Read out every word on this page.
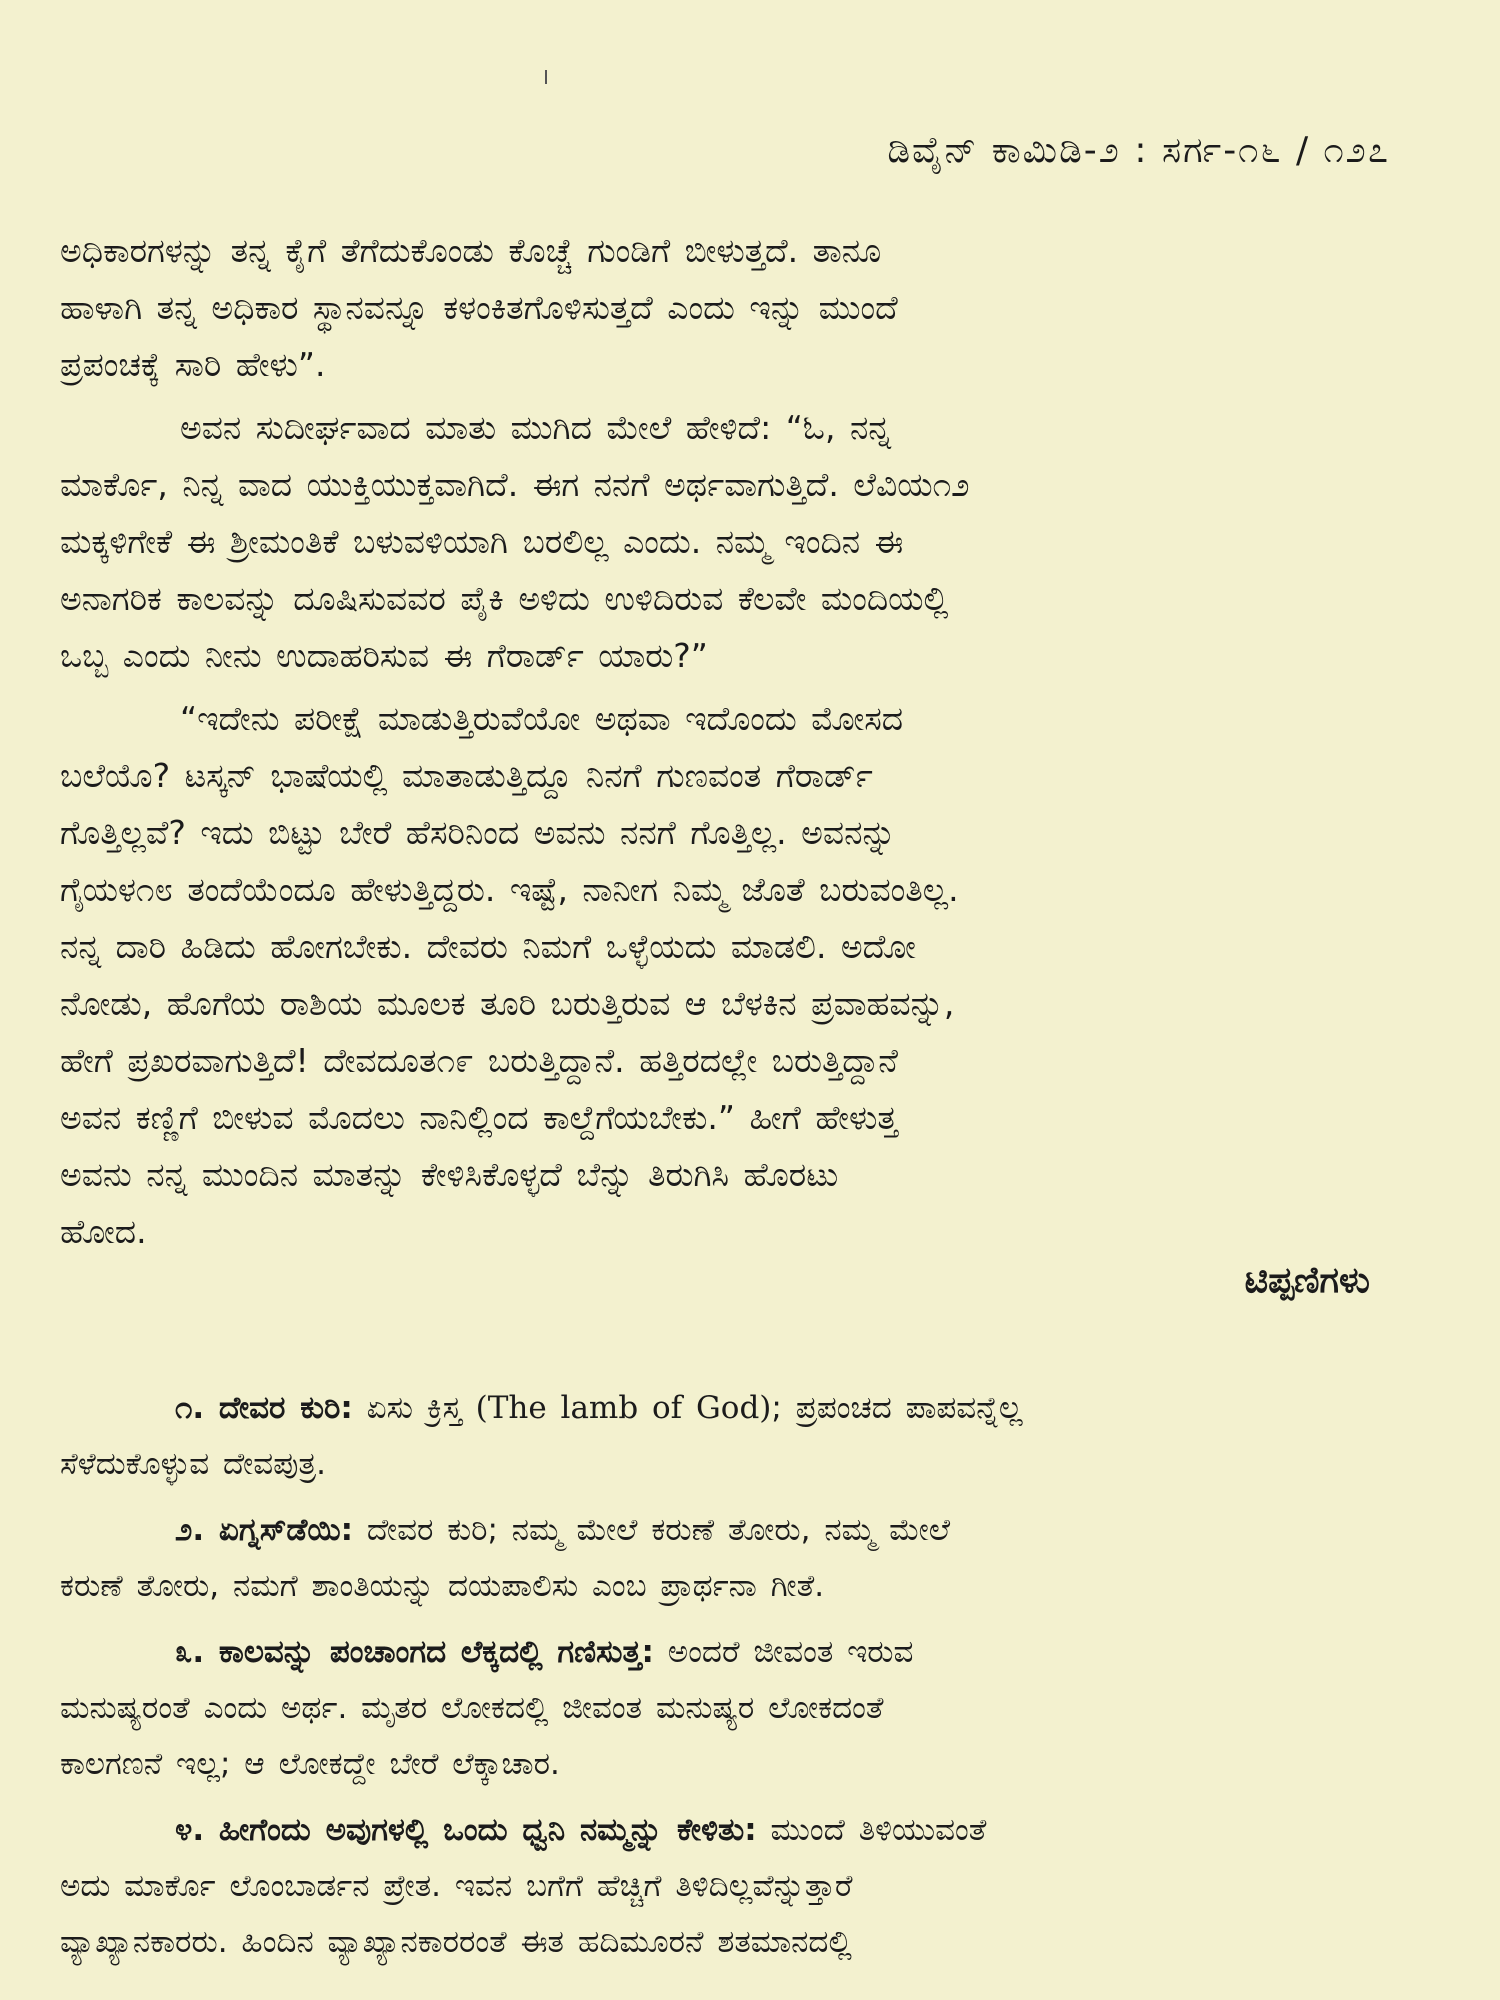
ಡಿವೈನ್ ಕಾಮಿಡಿ-೨ : ಸರ್ಗ-೧೬ / ೧೨೭

ಅಧಿಕಾರಗಳನ್ನು ತನ್ನ ಕೈಗೆ ತೆಗೆದುಕೊಂಡು ಕೊಚ್ಚೆ ಗುಂಡಿಗೆ ಬೀಳುತ್ತದೆ. ತಾನೂ
ಹಾಳಾಗಿ ತನ್ನ ಅಧಿಕಾರ ಸ್ಥಾನವನ್ನೂ ಕಳಂಕಿತಗೊಳಿಸುತ್ತದೆ ಎಂದು ಇನ್ನು ಮುಂದೆ
ಪ್ರಪಂಚಕ್ಕೆ ಸಾರಿ ಹೇಳು”.

ಅವನ ಸುದೀರ್ಘವಾದ ಮಾತು ಮುಗಿದ ಮೇಲೆ ಹೇಳಿದೆ: “ಓ, ನನ್ನ
ಮಾರ್ಕೊ, ನಿನ್ನ ವಾದ ಯುಕ್ತಿಯುಕ್ತವಾಗಿದೆ. ಈಗ ನನಗೆ ಅರ್ಥವಾಗುತ್ತಿದೆ. ಲೆವಿಯ೧೨
ಮಕ್ಕಳಿಗೇಕೆ ಈ ಶ್ರೀಮಂತಿಕೆ ಬಳುವಳಿಯಾಗಿ ಬರಲಿಲ್ಲ ಎಂದು. ನಮ್ಮ ಇಂದಿನ ಈ
ಅನಾಗರಿಕ ಕಾಲವನ್ನು ದೂಷಿಸುವವರ ಪೈಕಿ ಅಳಿದು ಉಳಿದಿರುವ ಕೆಲವೇ ಮಂದಿಯಲ್ಲಿ
ಒಬ್ಬ ಎಂದು ನೀನು ಉದಾಹರಿಸುವ ಈ ಗೆರಾರ್ಡ್ ಯಾರು?”

“ಇದೇನು ಪರೀಕ್ಷೆ ಮಾಡುತ್ತಿರುವೆಯೋ ಅಥವಾ ಇದೊಂದು ಮೋಸದ
ಬಲೆಯೊ? ಟಸ್ಕನ್ ಭಾಷೆಯಲ್ಲಿ ಮಾತಾಡುತ್ತಿದ್ದೂ ನಿನಗೆ ಗುಣವಂತ ಗೆರಾರ್ಡ್
ಗೊತ್ತಿಲ್ಲವೆ? ಇದು ಬಿಟ್ಟು ಬೇರೆ ಹೆಸರಿನಿಂದ ಅವನು ನನಗೆ ಗೊತ್ತಿಲ್ಲ. ಅವನನ್ನು
ಗೈಯಳ೧೮ ತಂದೆಯೆಂದೂ ಹೇಳುತ್ತಿದ್ದರು. ಇಷ್ಟೆ, ನಾನೀಗ ನಿಮ್ಮ ಜೊತೆ ಬರುವಂತಿಲ್ಲ.
ನನ್ನ ದಾರಿ ಹಿಡಿದು ಹೋಗಬೇಕು. ದೇವರು ನಿಮಗೆ ಒಳ್ಳೆಯದು ಮಾಡಲಿ. ಅದೋ
ನೋಡು, ಹೊಗೆಯ ರಾಶಿಯ ಮೂಲಕ ತೂರಿ ಬರುತ್ತಿರುವ ಆ ಬೆಳಕಿನ ಪ್ರವಾಹವನ್ನು,
ಹೇಗೆ ಪ್ರಖರವಾಗುತ್ತಿದೆ! ದೇವದೂತ೧೯ ಬರುತ್ತಿದ್ದಾನೆ. ಹತ್ತಿರದಲ್ಲೇ ಬರುತ್ತಿದ್ದಾನೆ
ಅವನ ಕಣ್ಣಿಗೆ ಬೀಳುವ ಮೊದಲು ನಾನಿಲ್ಲಿಂದ ಕಾಲ್ದೆಗೆಯಬೇಕು.” ಹೀಗೆ ಹೇಳುತ್ತ
ಅವನು ನನ್ನ ಮುಂದಿನ ಮಾತನ್ನು ಕೇಳಿಸಿಕೊಳ್ಳದೆ ಬೆನ್ನು ತಿರುಗಿಸಿ ಹೊರಟು
ಹೋದ.

ಟಿಪ್ಪಣಿಗಳು

೧. ದೇವರ ಕುರಿ: ಏಸು ಕ್ರಿಸ್ತ (The lamb of God); ಪ್ರಪಂಚದ ಪಾಪವನ್ನೆಲ್ಲ
ಸೆಳೆದುಕೊಳ್ಳುವ ದೇವಪುತ್ರ.

೨. ಏಗ್ನಸ್‌ಡೆಯಿ: ದೇವರ ಕುರಿ; ನಮ್ಮ ಮೇಲೆ ಕರುಣೆ ತೋರು, ನಮ್ಮ ಮೇಲೆ
ಕರುಣೆ ತೋರು, ನಮಗೆ ಶಾಂತಿಯನ್ನು ದಯಪಾಲಿಸು ಎಂಬ ಪ್ರಾರ್ಥನಾ ಗೀತೆ.

೩. ಕಾಲವನ್ನು ಪಂಚಾಂಗದ ಲೆಕ್ಕದಲ್ಲಿ ಗಣಿಸುತ್ತ: ಅಂದರೆ ಜೀವಂತ ಇರುವ
ಮನುಷ್ಯರಂತೆ ಎಂದು ಅರ್ಥ. ಮೃತರ ಲೋಕದಲ್ಲಿ ಜೀವಂತ ಮನುಷ್ಯರ ಲೋಕದಂತೆ
ಕಾಲಗಣನೆ ಇಲ್ಲ; ಆ ಲೋಕದ್ದೇ ಬೇರೆ ಲೆಕ್ಕಾಚಾರ.

೪. ಹೀಗೆಂದು ಅವುಗಳಲ್ಲಿ ಒಂದು ಧ್ವನಿ ನಮ್ಮನ್ನು ಕೇಳಿತು: ಮುಂದೆ ತಿಳಿಯುವಂತೆ
ಅದು ಮಾರ್ಕೊ ಲೊಂಬಾರ್ಡನ ಪ್ರೇತ. ಇವನ ಬಗೆಗೆ ಹೆಚ್ಚಿಗೆ ತಿಳಿದಿಲ್ಲವೆನ್ನುತ್ತಾರೆ
ವ್ಯಾಖ್ಯಾನಕಾರರು. ಹಿಂದಿನ ವ್ಯಾಖ್ಯಾನಕಾರರಂತೆ ಈತ ಹದಿಮೂರನೆ ಶತಮಾನದಲ್ಲಿ
